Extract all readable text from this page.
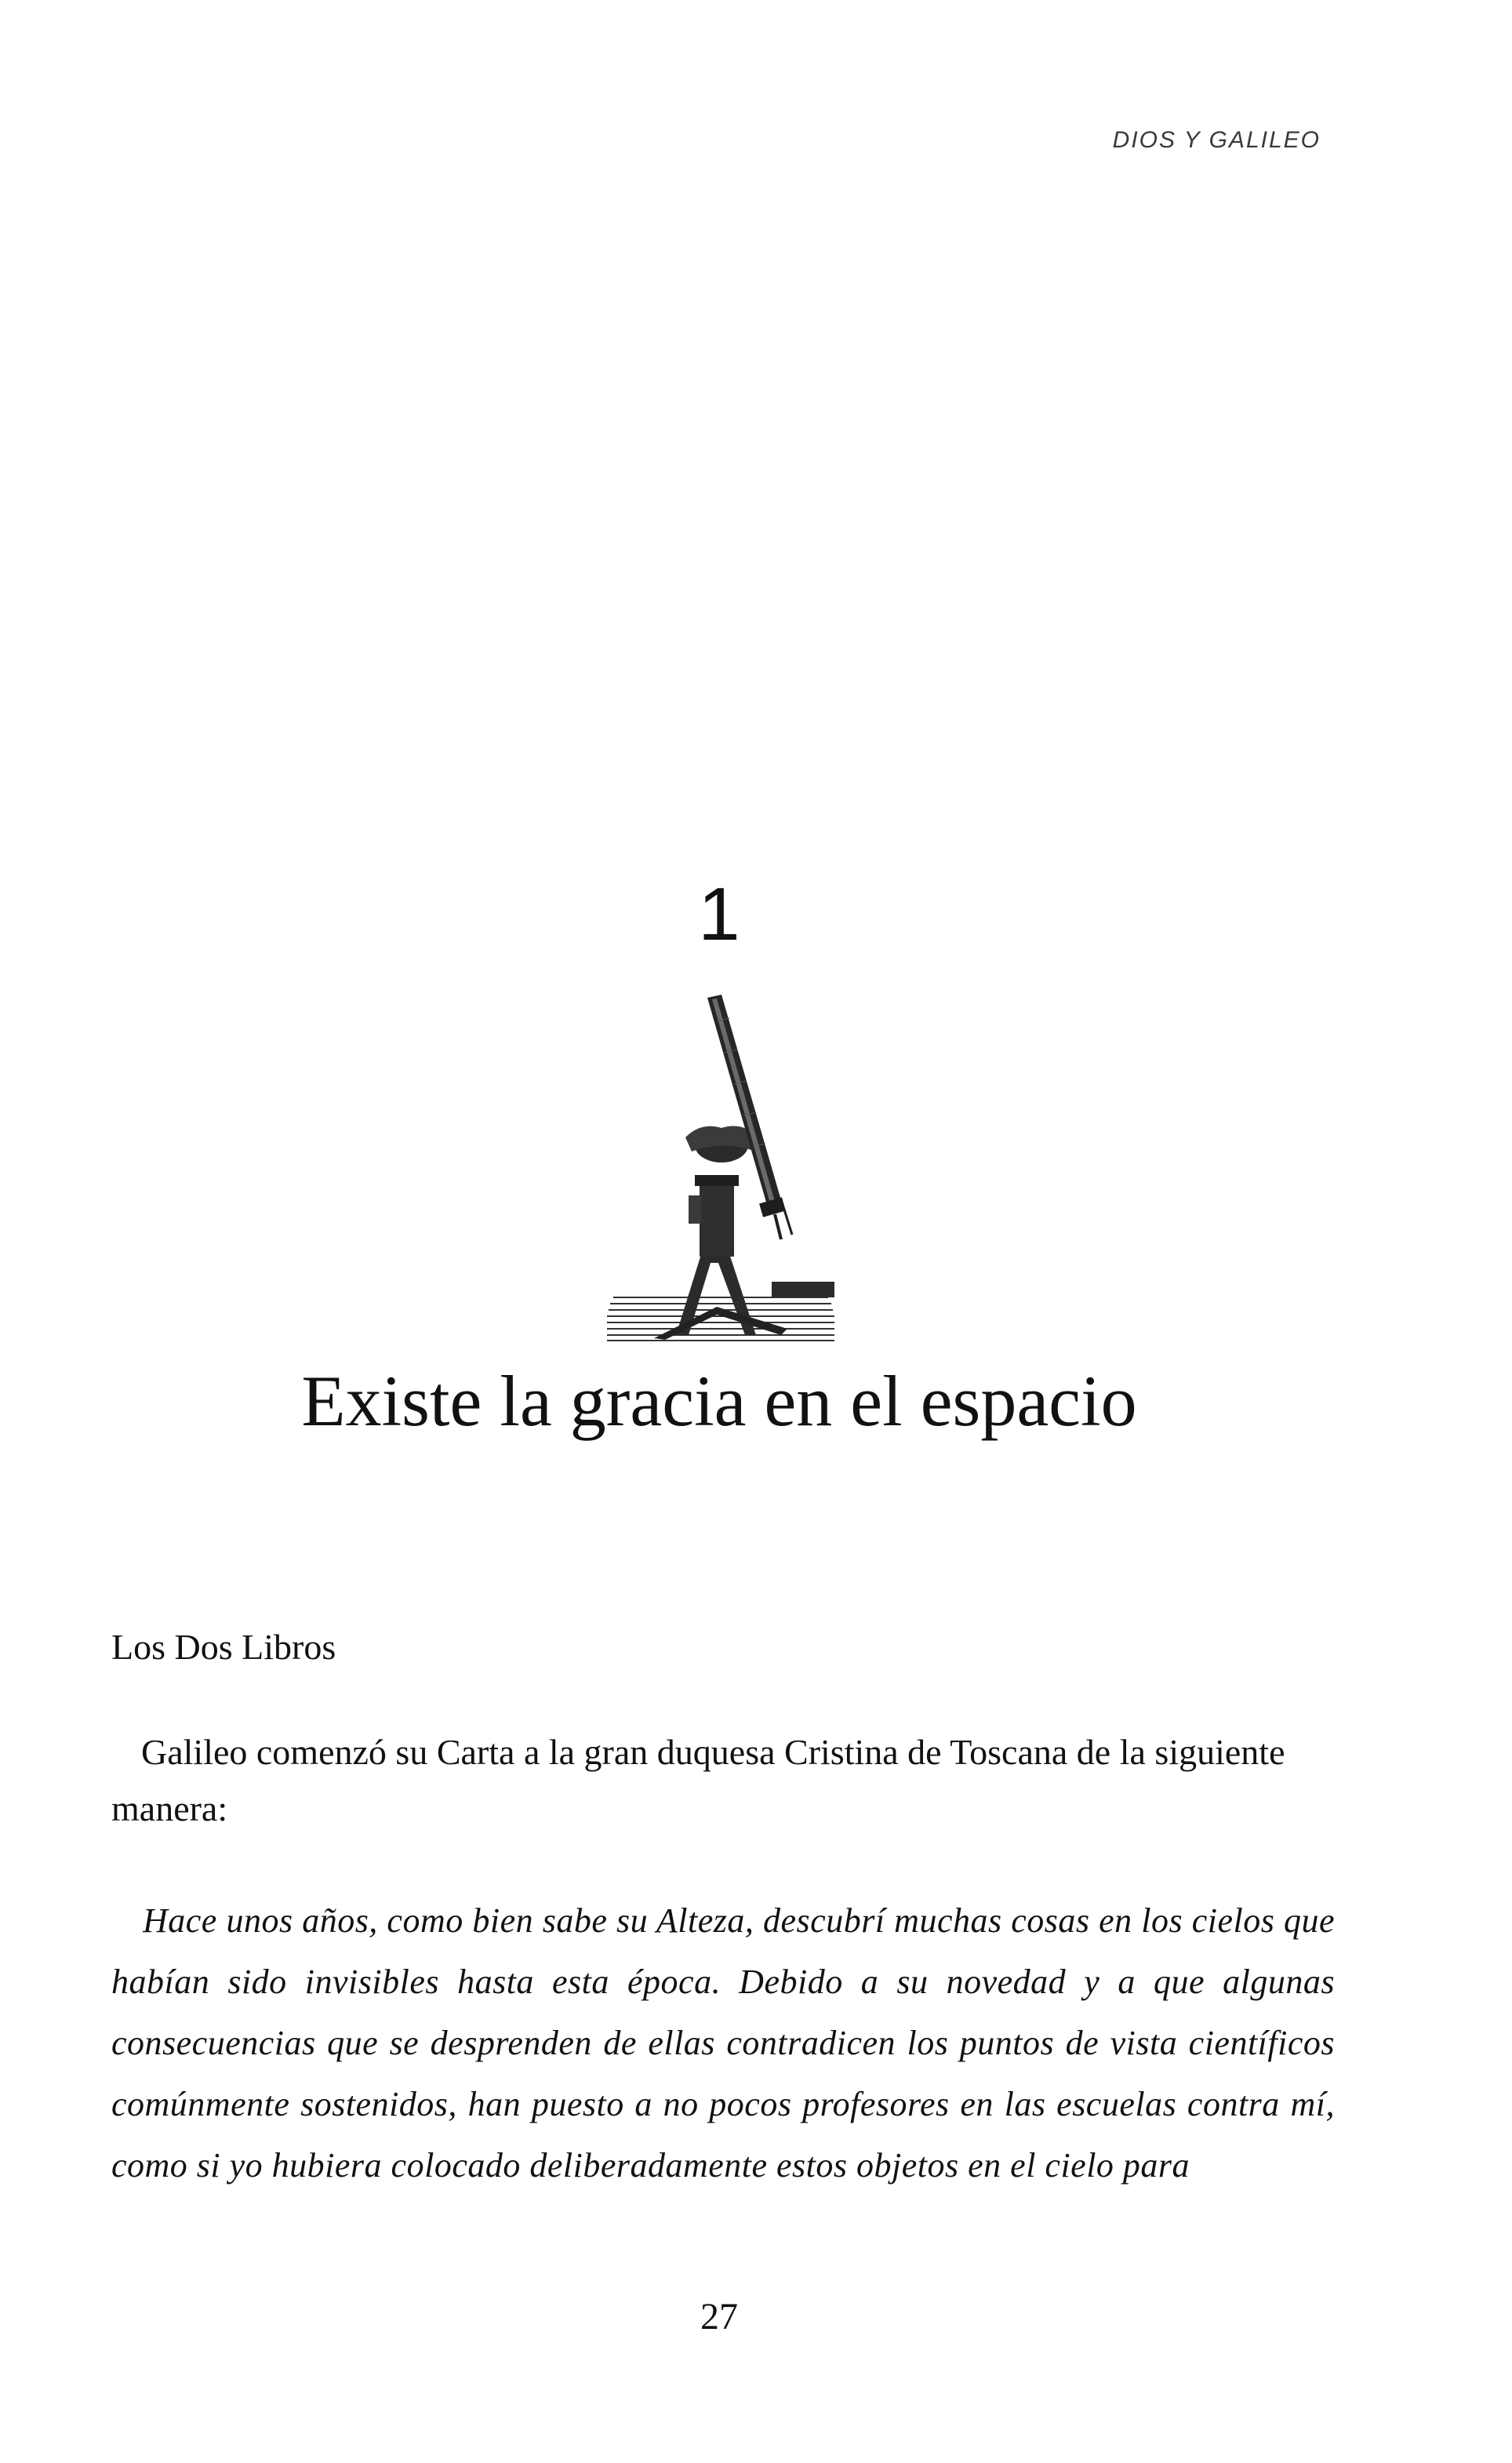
DIOS Y GALILEO
1
Existe la gracia en el espacio
Los Dos Libros

Galileo comenzó su Carta a la gran duquesa Cristina de Toscana de la siguiente manera:

Hace unos años, como bien sabe su Alteza, descubrí muchas cosas en los cielos que habían sido invisibles hasta esta época. Debido a su novedad y a que algunas consecuencias que se desprenden de ellas contradicen los puntos de vista científicos comúnmente sostenidos, han puesto a no pocos profesores en las escuelas contra mí, como si yo hubiera colocado deliberadamente estos objetos en el cielo para

27
